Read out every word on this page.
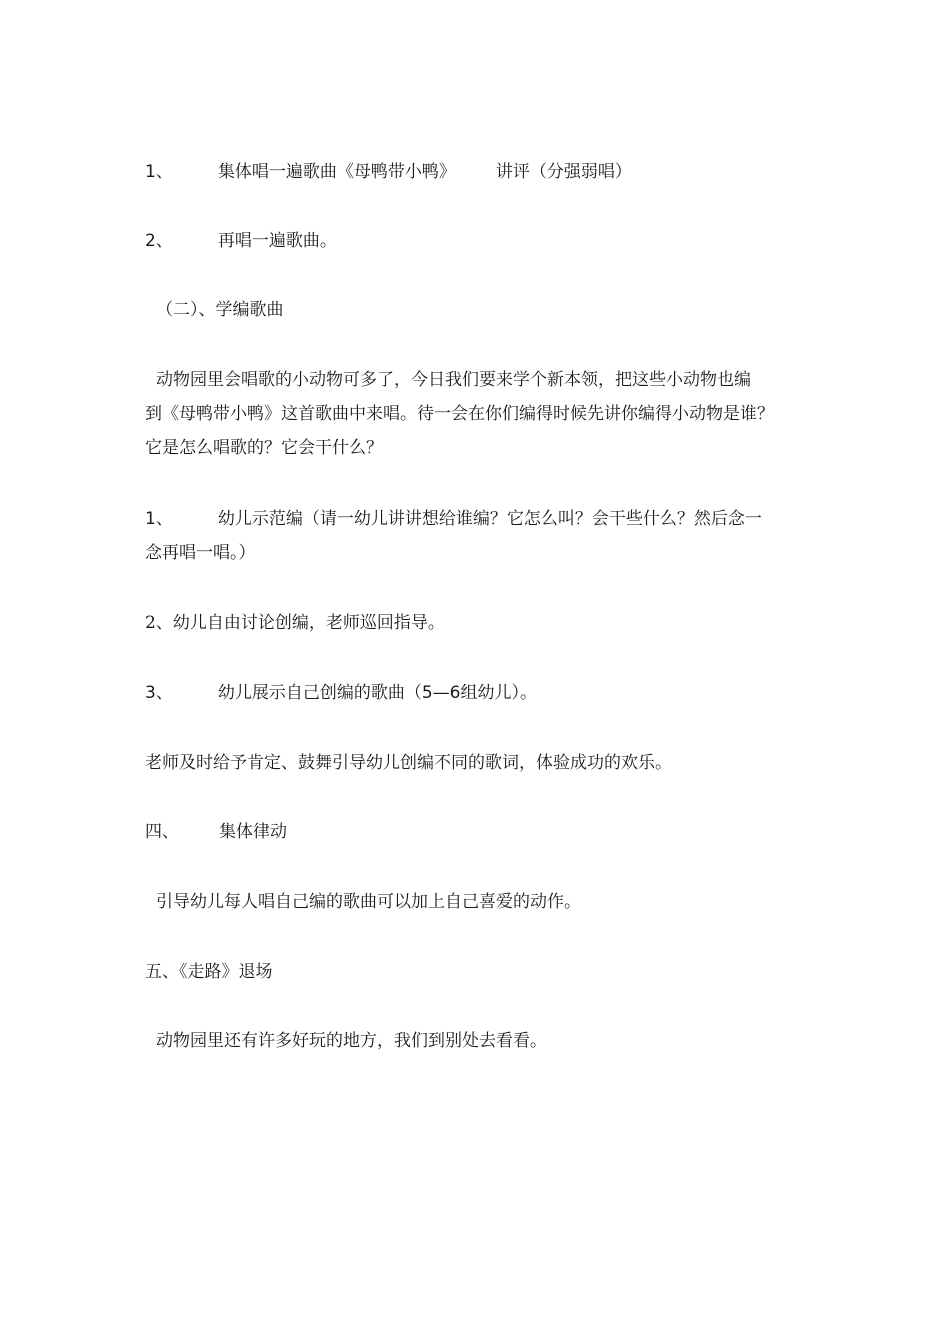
1、	集体唱一遍歌曲《母鸭带小鸭》 讲评（分强弱唱）
2、	再唱一遍歌曲。
（二）、学编歌曲
动物园里会唱歌的小动物可多了，今日我们要来学个新本领，把这些小动物也编
到《母鸭带小鸭》这首歌曲中来唱。待一会在你们编得时候先讲你编得小动物是谁？
它是怎么唱歌的？它会干什么？
1、	幼儿示范编（请一幼儿讲讲想给谁编？它怎么叫？会干些什么？然后念一
念再唱一唱。）
2、幼儿自由讨论创编，老师巡回指导。
3、	幼儿展示自己创编的歌曲（5—6组幼儿）。
老师及时给予肯定、鼓舞引导幼儿创编不同的歌词，体验成功的欢乐。
四、 集体律动
引导幼儿每人唱自己编的歌曲可以加上自己喜爱的动作。
五、《走路》退场
动物园里还有许多好玩的地方，我们到别处去看看。
